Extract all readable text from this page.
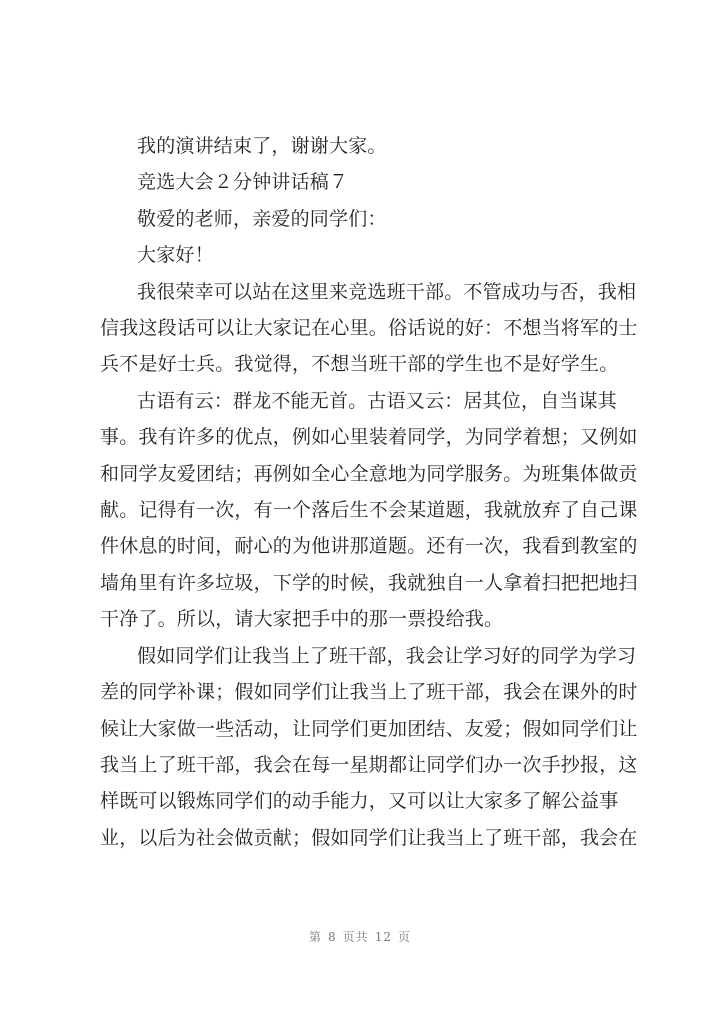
我的演讲结束了，谢谢大家。
竞选大会２分钟讲话稿７
敬爱的老师，亲爱的同学们：
大家好！
我很荣幸可以站在这里来竞选班干部。不管成功与否，我相
信我这段话可以让大家记在心里。俗话说的好：不想当将军的士
兵不是好士兵。我觉得，不想当班干部的学生也不是好学生。
古语有云：群龙不能无首。古语又云：居其位，自当谋其
事。我有许多的优点，例如心里装着同学，为同学着想；又例如
和同学友爱团结；再例如全心全意地为同学服务。为班集体做贡
献。记得有一次，有一个落后生不会某道题，我就放弃了自己课
件休息的时间，耐心的为他讲那道题。还有一次，我看到教室的
墙角里有许多垃圾，下学的时候，我就独自一人拿着扫把把地扫
干净了。所以，请大家把手中的那一票投给我。
假如同学们让我当上了班干部，我会让学习好的同学为学习
差的同学补课；假如同学们让我当上了班干部，我会在课外的时
候让大家做一些活动，让同学们更加团结、友爱；假如同学们让
我当上了班干部，我会在每一星期都让同学们办一次手抄报，这
样既可以锻炼同学们的动手能力，又可以让大家多了解公益事
业，以后为社会做贡献；假如同学们让我当上了班干部，我会在
第 8 页共 12 页
